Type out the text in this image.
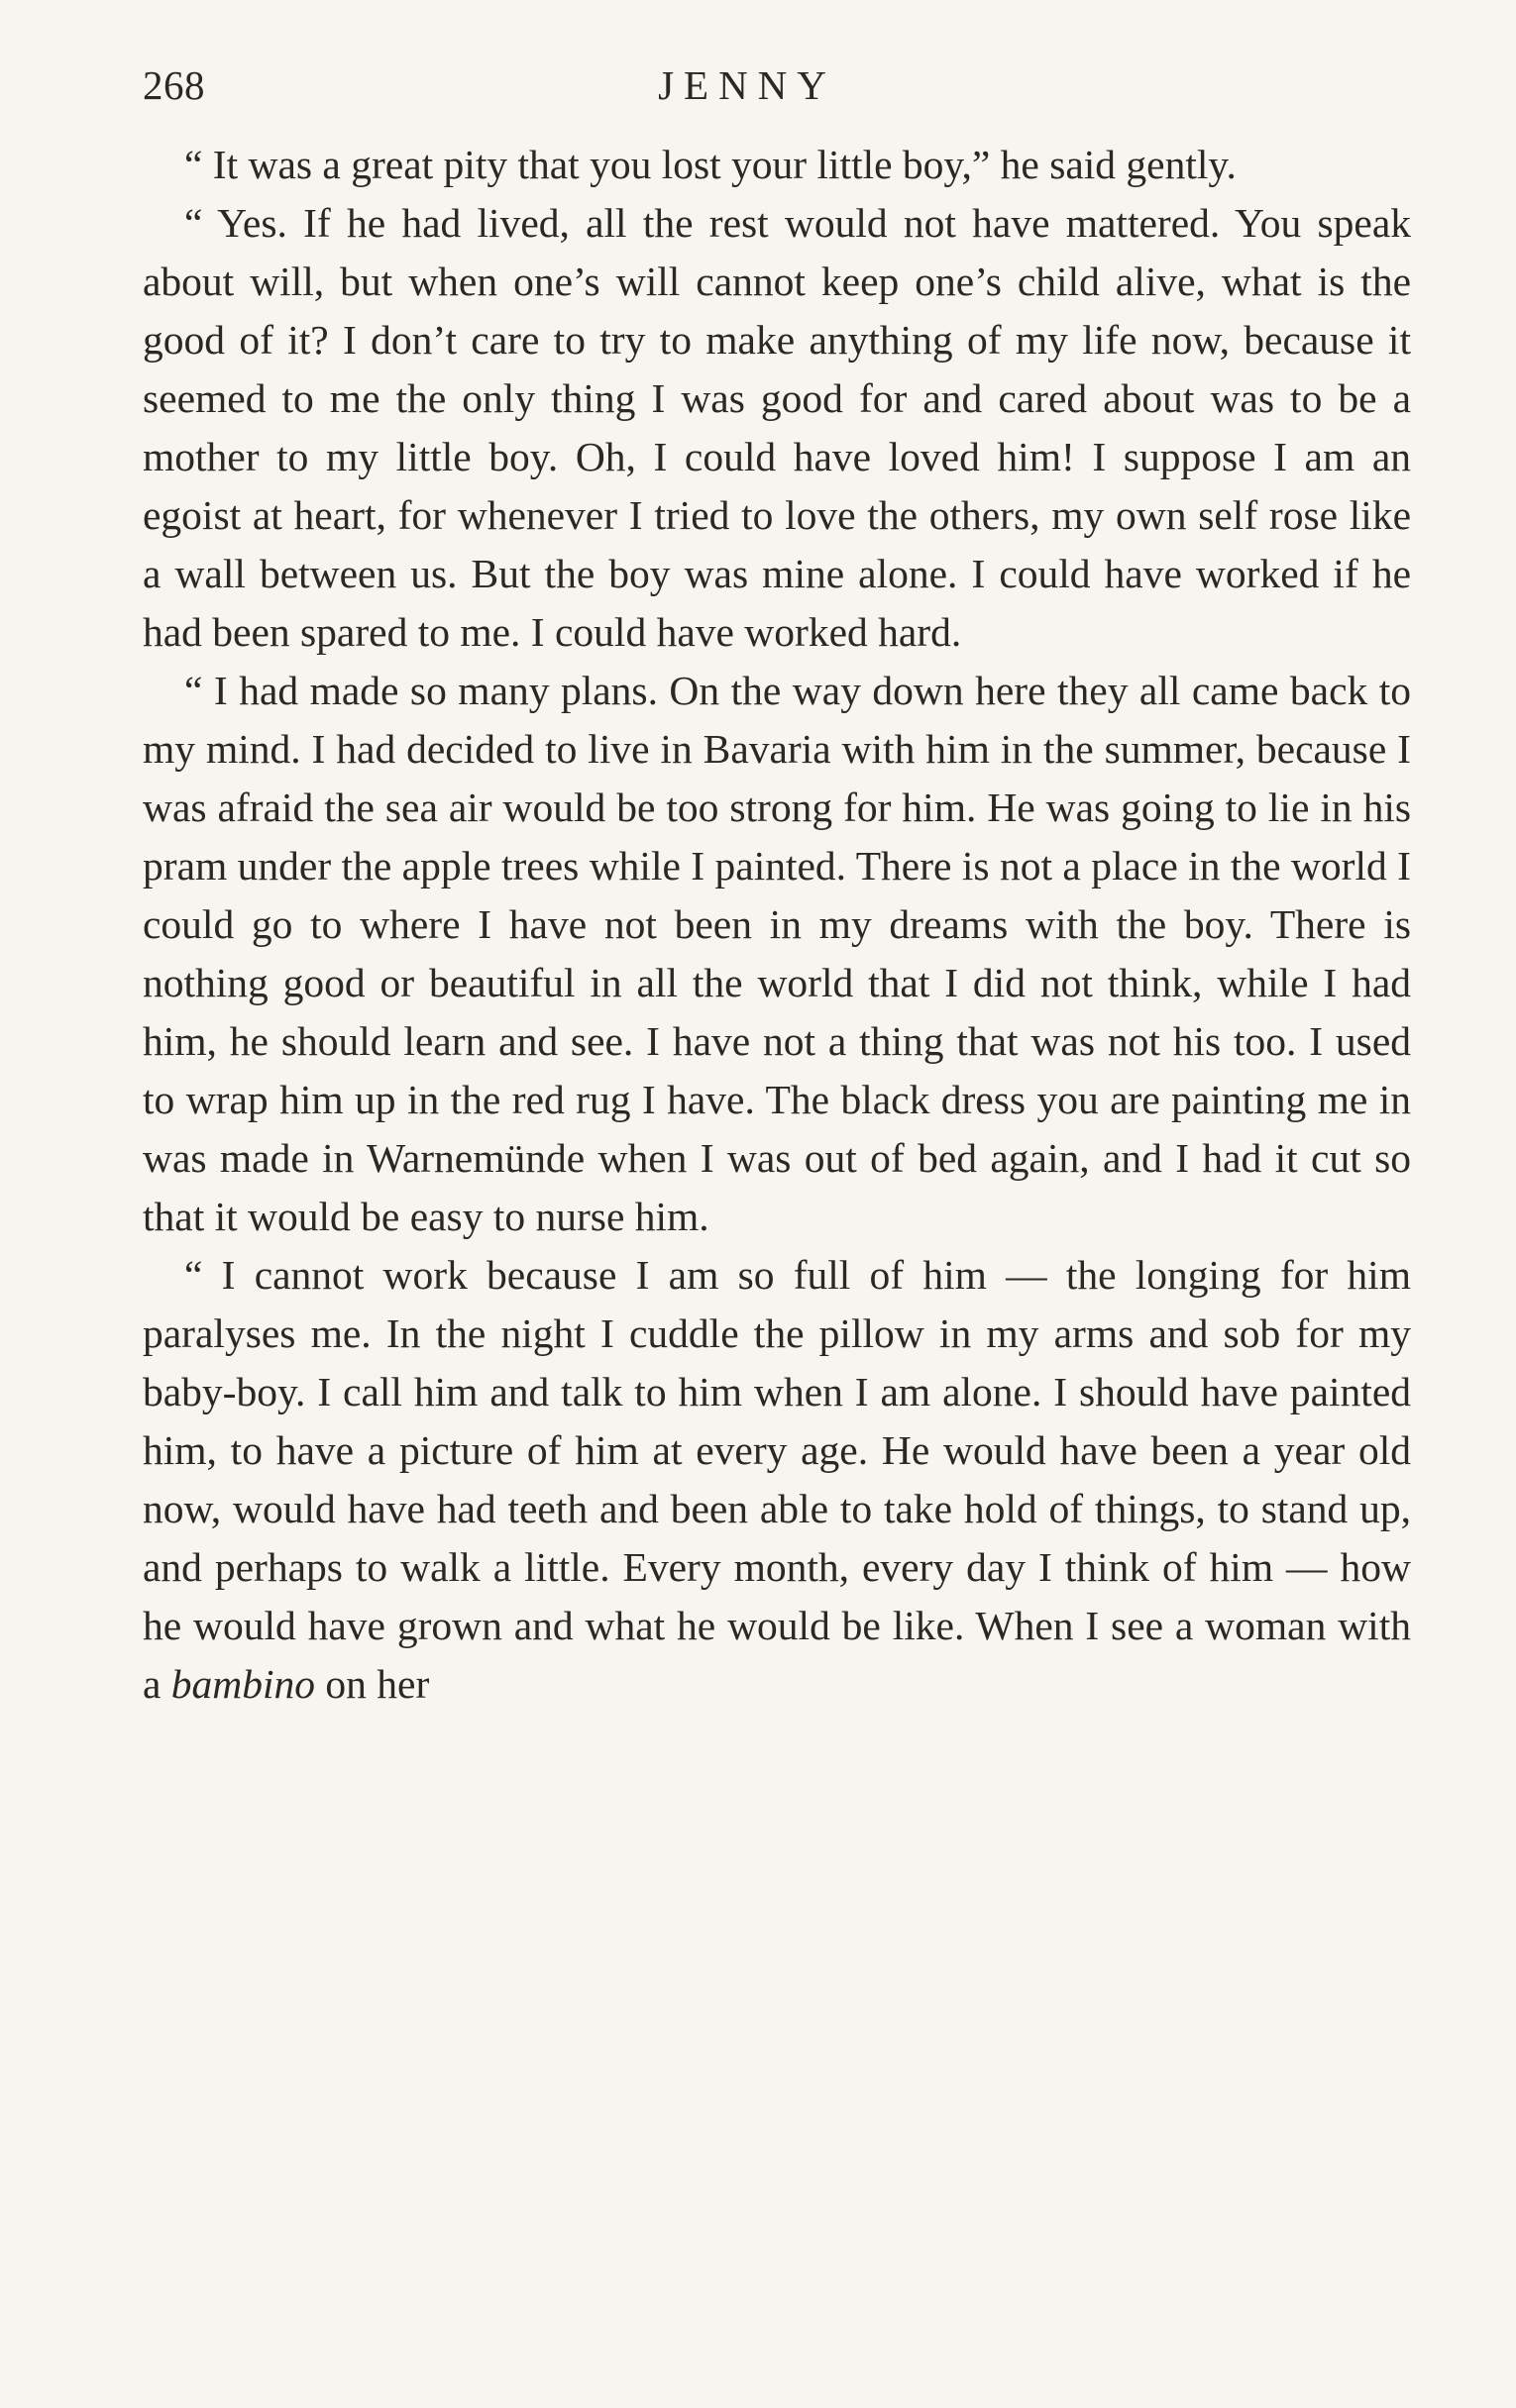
268	JENNY

“ It was a great pity that you lost your little boy,” he said gently.

“ Yes. If he had lived, all the rest would not have mattered. You speak about will, but when one’s will cannot keep one’s child alive, what is the good of it? I don’t care to try to make anything of my life now, because it seemed to me the only thing I was good for and cared about was to be a mother to my little boy. Oh, I could have loved him! I suppose I am an egoist at heart, for whenever I tried to love the others, my own self rose like a wall between us. But the boy was mine alone. I could have worked if he had been spared to me. I could have worked hard.

“ I had made so many plans. On the way down here they all came back to my mind. I had decided to live in Bavaria with him in the summer, because I was afraid the sea air would be too strong for him. He was going to lie in his pram under the apple trees while I painted. There is not a place in the world I could go to where I have not been in my dreams with the boy. There is nothing good or beautiful in all the world that I did not think, while I had him, he should learn and see. I have not a thing that was not his too. I used to wrap him up in the red rug I have. The black dress you are painting me in was made in Warnemünde when I was out of bed again, and I had it cut so that it would be easy to nurse him.

“ I cannot work because I am so full of him — the longing for him paralyses me. In the night I cuddle the pillow in my arms and sob for my baby-boy. I call him and talk to him when I am alone. I should have painted him, to have a picture of him at every age. He would have been a year old now, would have had teeth and been able to take hold of things, to stand up, and perhaps to walk a little. Every month, every day I think of him — how he would have grown and what he would be like. When I see a woman with a bambino on her
